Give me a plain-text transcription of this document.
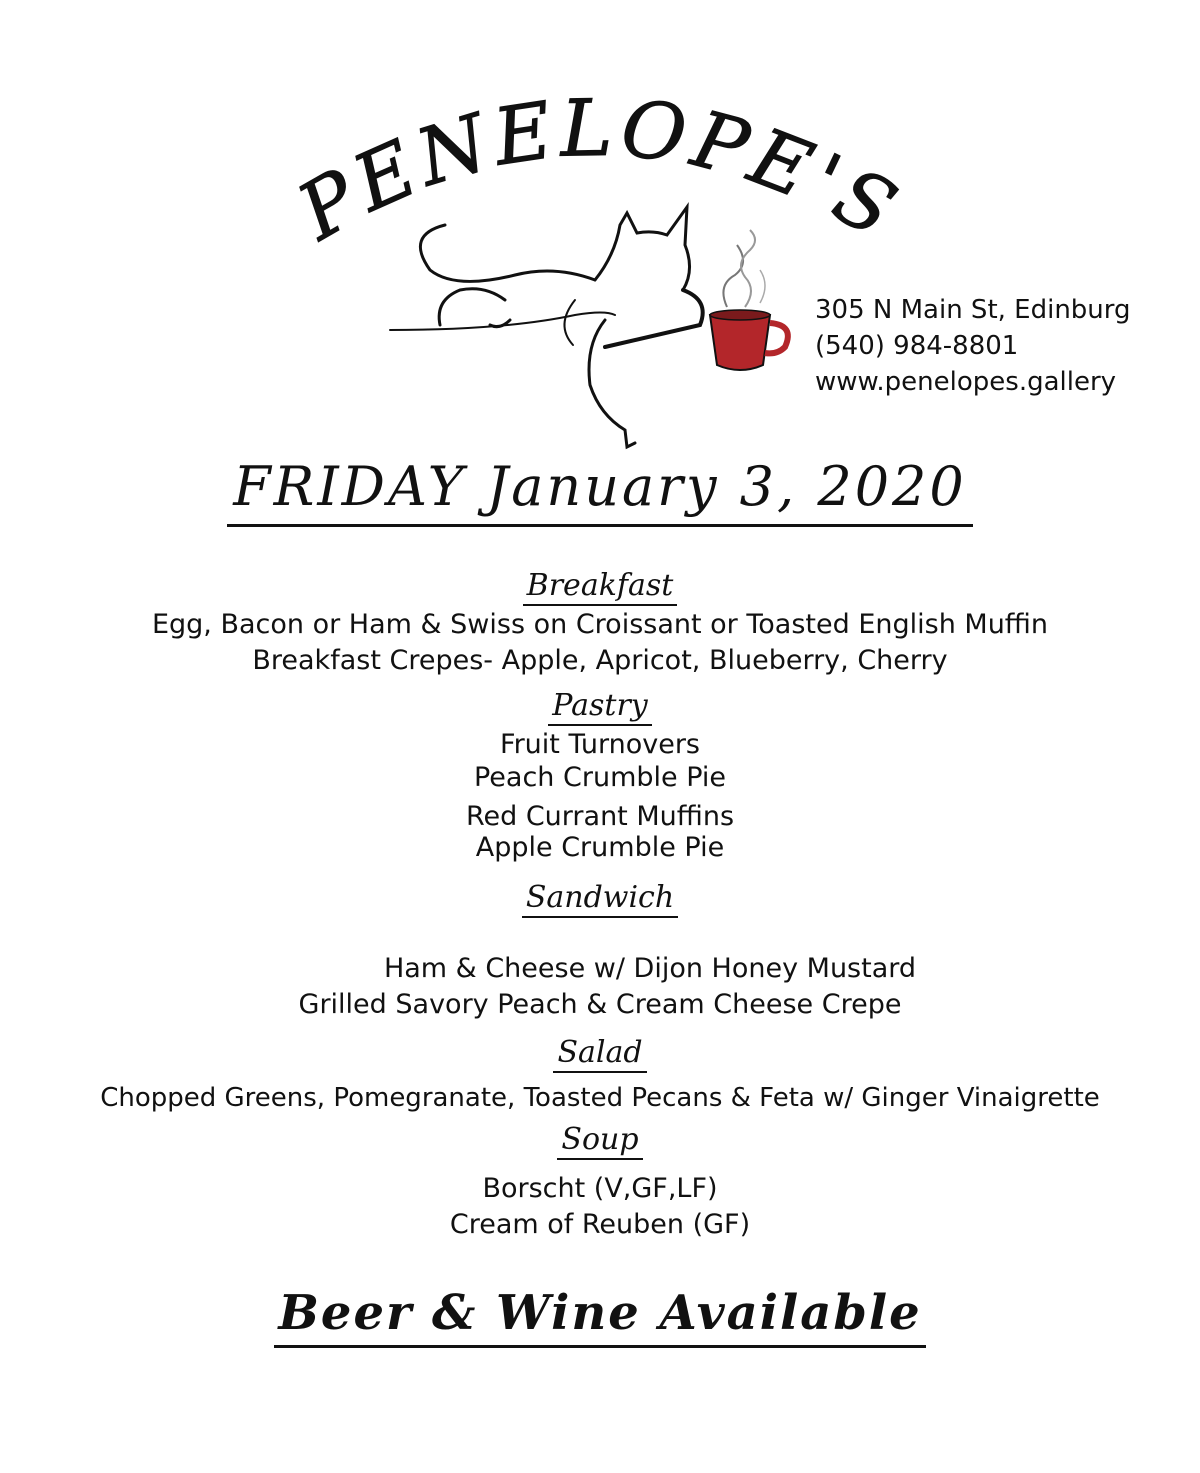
PENELOPE'S
305 N Main St, Edinburg
(540) 984-8801
www.penelopes.gallery
FRIDAY January 3, 2020
Breakfast
Egg, Bacon or Ham & Swiss on Croissant or Toasted English Muffin
Breakfast Crepes- Apple, Apricot, Blueberry, Cherry
Pastry
Fruit Turnovers
Peach Crumble Pie
Red Currant Muffins
Apple Crumble Pie
Sandwich
Ham & Cheese w/ Dijon Honey Mustard
Grilled Savory Peach & Cream Cheese Crepe
Salad
Chopped Greens, Pomegranate, Toasted Pecans & Feta w/ Ginger Vinaigrette
Soup
Borscht (V,GF,LF)
Cream of Reuben (GF)
Beer & Wine Available
